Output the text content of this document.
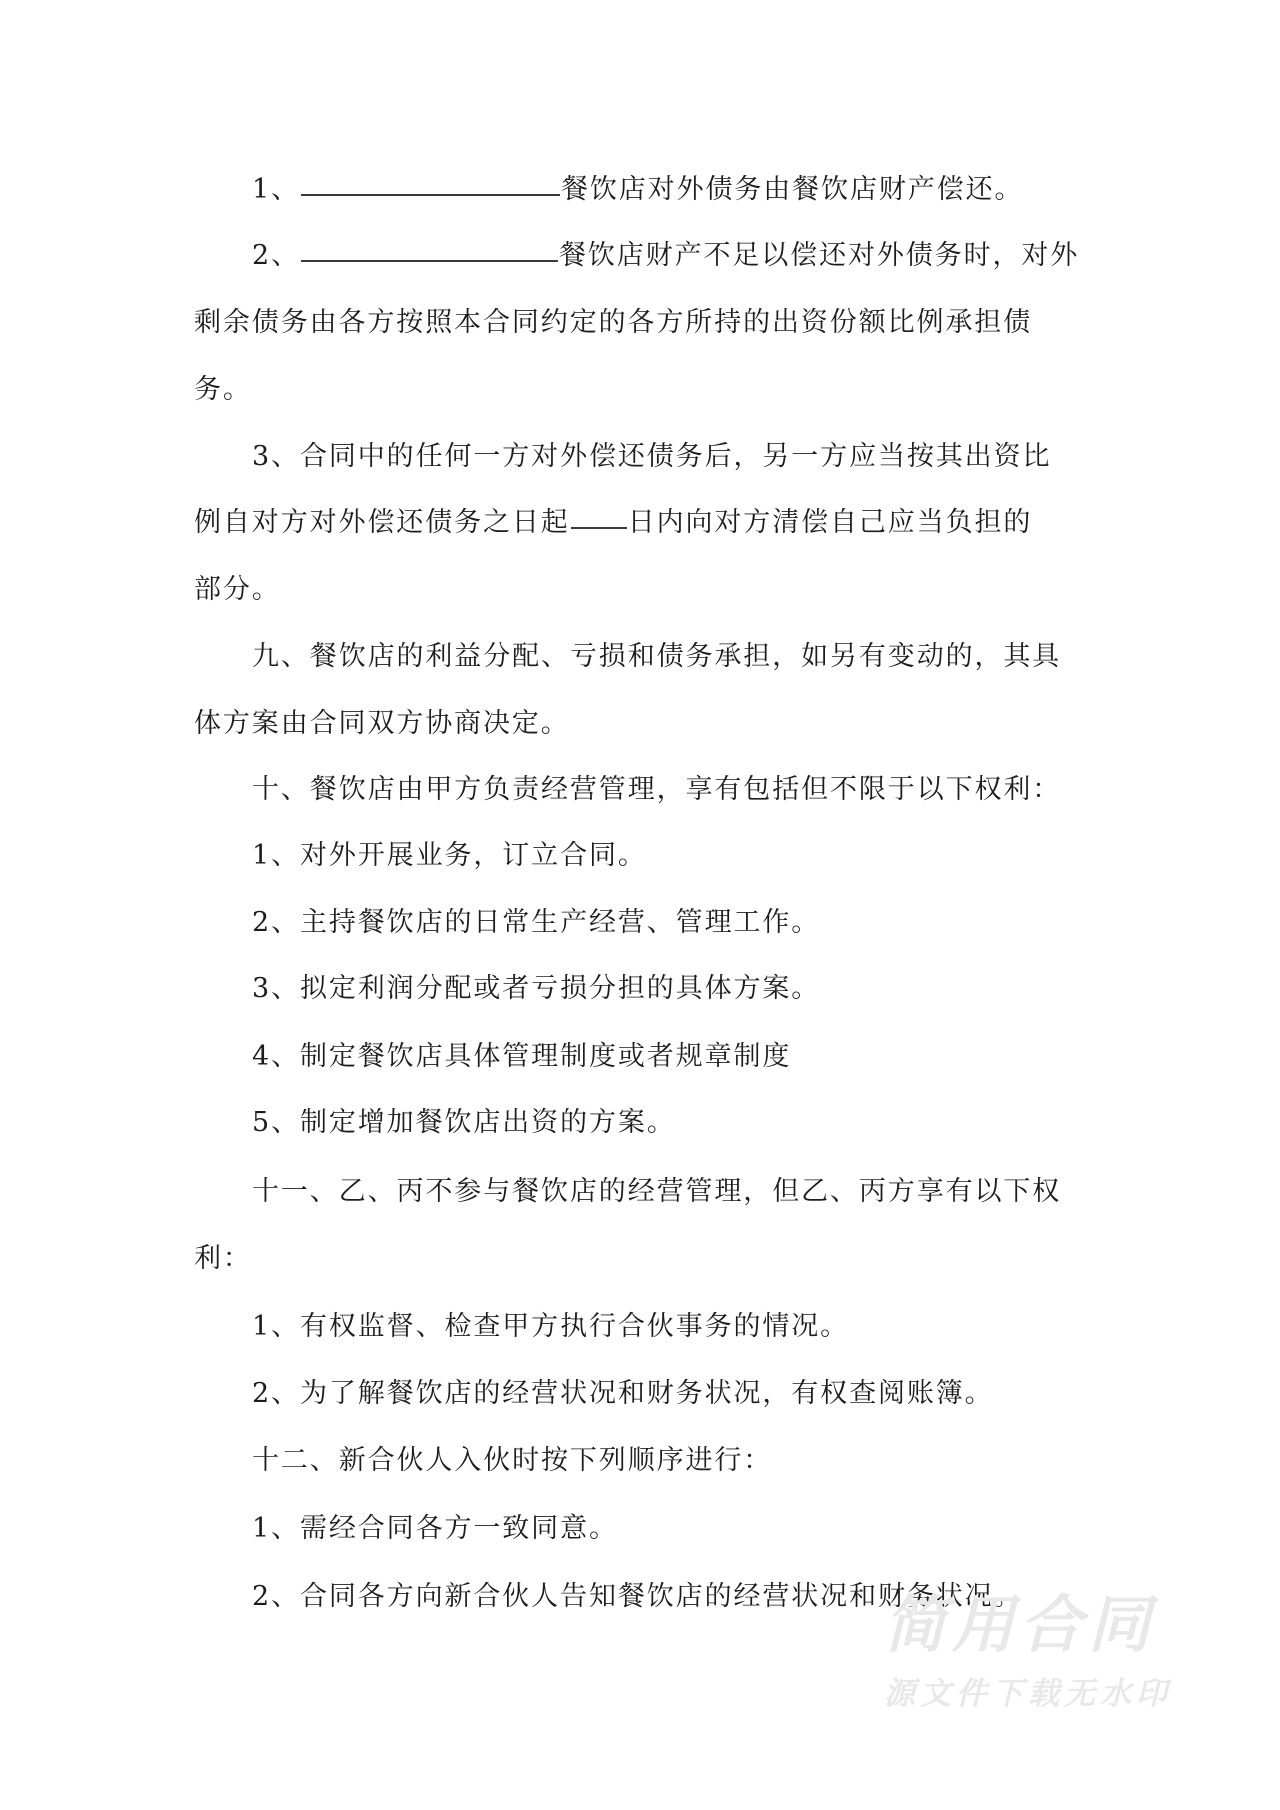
1、	餐饮店对外债务由餐饮店财产偿还。
2、	餐饮店财产不足以偿还对外债务时，对外
剩余债务由各方按照本合同约定的各方所持的出资份额比例承担债
务。
3、合同中的任何一方对外偿还债务后，另一方应当按其出资比
例自对方对外偿还债务之日起 日内向对方清偿自己应当负担的
部分。
九、餐饮店的利益分配、亏损和债务承担，如另有变动的，其具
体方案由合同双方协商决定。
十、餐饮店由甲方负责经营管理，享有包括但不限于以下权利：
1、对外开展业务，订立合同。
2、主持餐饮店的日常生产经营、管理工作。
3、拟定利润分配或者亏损分担的具体方案。
4、制定餐饮店具体管理制度或者规章制度
5、制定增加餐饮店出资的方案。
十一、乙、丙不参与餐饮店的经营管理，但乙、丙方享有以下权
利：
1、有权监督、检查甲方执行合伙事务的情况。
2、为了解餐饮店的经营状况和财务状况，有权查阅账簿。
十二、新合伙人入伙时按下列顺序进行：
1、需经合同各方一致同意。
2、合同各方向新合伙人告知餐饮店的经营状况和财务状况。
简用合同
源文件下载无水印
